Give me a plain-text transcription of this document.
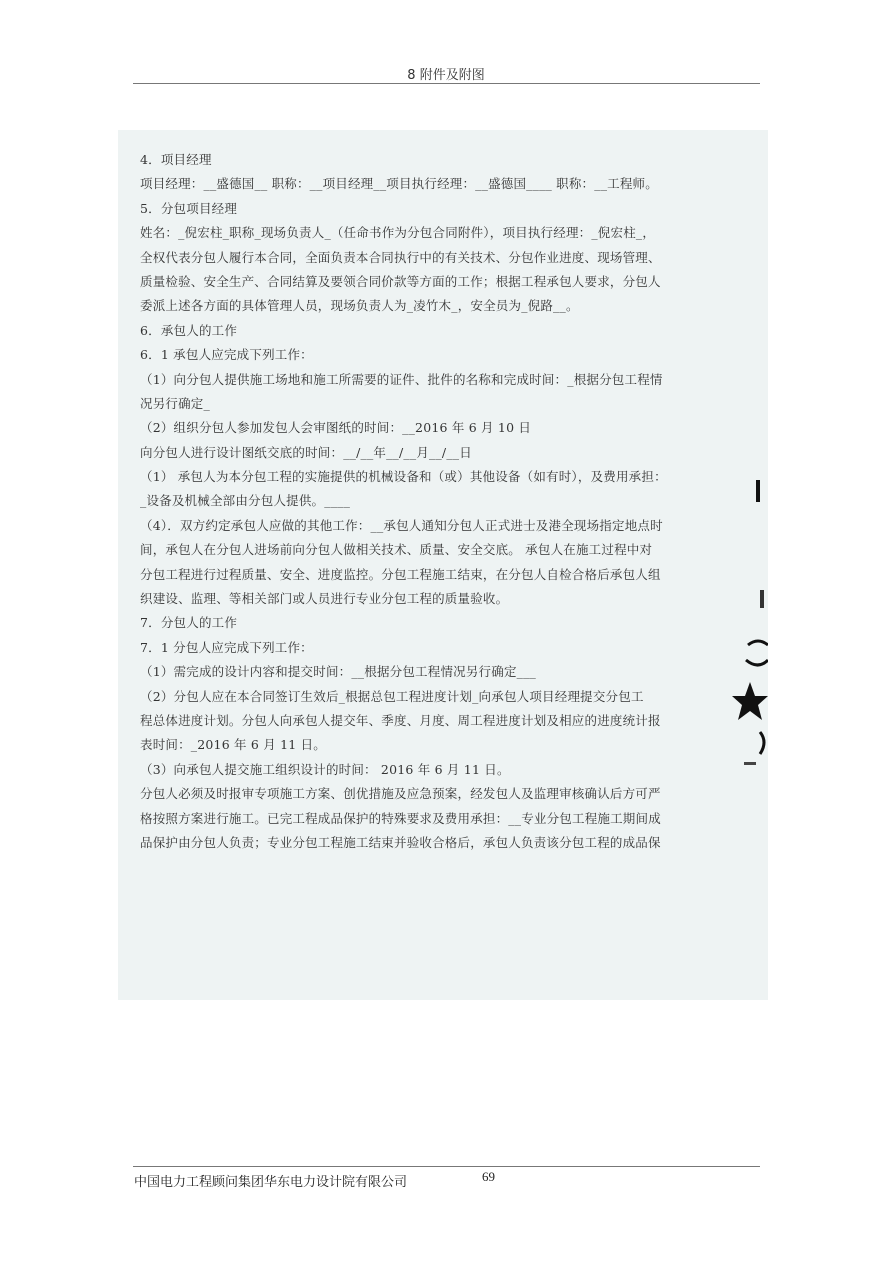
8 附件及附图
4．项目经理
项目经理：__盛德国__ 职称：__项目经理__项目执行经理：__盛德国____ 职称：__工程师。
5．分包项目经理
姓名：_倪宏柱_职称_现场负责人_（任命书作为分包合同附件），项目执行经理：_倪宏柱_，
全权代表分包人履行本合同，全面负责本合同执行中的有关技术、分包作业进度、现场管理、
质量检验、安全生产、合同结算及要领合同价款等方面的工作；根据工程承包人要求，分包人
委派上述各方面的具体管理人员，现场负责人为_凌竹木_，安全员为_倪路__。
6．承包人的工作
6．1 承包人应完成下列工作：
（1）向分包人提供施工场地和施工所需要的证件、批件的名称和完成时间：_根据分包工程情
况另行确定_
（2）组织分包人参加发包人会审图纸的时间：__2016 年 6 月 10 日
向分包人进行设计图纸交底的时间：__/__年__/__月__/__日
（1） 承包人为本分包工程的实施提供的机械设备和（或）其他设备（如有时），及费用承担：
_设备及机械全部由分包人提供。____
（4）．双方约定承包人应做的其他工作：__承包人通知分包人正式进士及港全现场指定地点时
间，承包人在分包人进场前向分包人做相关技术、质量、安全交底。 承包人在施工过程中对
分包工程进行过程质量、安全、进度监控。分包工程施工结束，在分包人自检合格后承包人组
织建设、监理、等相关部门或人员进行专业分包工程的质量验收。
7．分包人的工作
7．1 分包人应完成下列工作：
（1）需完成的设计内容和提交时间：__根据分包工程情况另行确定___
（2）分包人应在本合同签订生效后_根据总包工程进度计划_向承包人项目经理提交分包工
程总体进度计划。分包人向承包人提交年、季度、月度、周工程进度计划及相应的进度统计报
表时间：_2016 年 6 月 11 日。
（3）向承包人提交施工组织设计的时间： 2016 年 6 月 11 日。
分包人必须及时报审专项施工方案、创优措施及应急预案，经发包人及监理审核确认后方可严
格按照方案进行施工。已完工程成品保护的特殊要求及费用承担：__专业分包工程施工期间成
品保护由分包人负责；专业分包工程施工结束并验收合格后，承包人负责该分包工程的成品保
中国电力工程顾问集团华东电力设计院有限公司	69
